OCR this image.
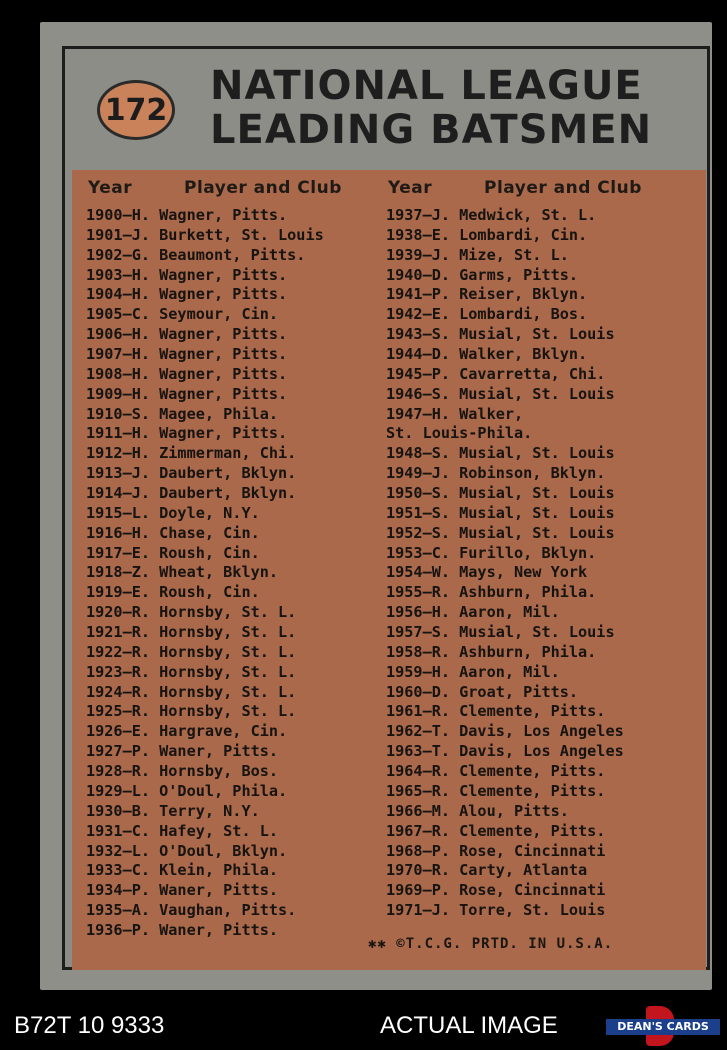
172
NATIONAL LEAGUE
LEADING BATSMEN
Year	Player and Club	Year	Player and Club
1900—H. Wagner, Pitts.
1901—J. Burkett, St. Louis
1902—G. Beaumont, Pitts.
1903—H. Wagner, Pitts.
1904—H. Wagner, Pitts.
1905—C. Seymour, Cin.
1906—H. Wagner, Pitts.
1907—H. Wagner, Pitts.
1908—H. Wagner, Pitts.
1909—H. Wagner, Pitts.
1910—S. Magee, Phila.
1911—H. Wagner, Pitts.
1912—H. Zimmerman, Chi.
1913—J. Daubert, Bklyn.
1914—J. Daubert, Bklyn.
1915—L. Doyle, N.Y.
1916—H. Chase, Cin.
1917—E. Roush, Cin.
1918—Z. Wheat, Bklyn.
1919—E. Roush, Cin.
1920—R. Hornsby, St. L.
1921—R. Hornsby, St. L.
1922—R. Hornsby, St. L.
1923—R. Hornsby, St. L.
1924—R. Hornsby, St. L.
1925—R. Hornsby, St. L.
1926—E. Hargrave, Cin.
1927—P. Waner, Pitts.
1928—R. Hornsby, Bos.
1929—L. O'Doul, Phila.
1930—B. Terry, N.Y.
1931—C. Hafey, St. L.
1932—L. O'Doul, Bklyn.
1933—C. Klein, Phila.
1934—P. Waner, Pitts.
1935—A. Vaughan, Pitts.
1936—P. Waner, Pitts.
1937—J. Medwick, St. L.
1938—E. Lombardi, Cin.
1939—J. Mize, St. L.
1940—D. Garms, Pitts.
1941—P. Reiser, Bklyn.
1942—E. Lombardi, Bos.
1943—S. Musial, St. Louis
1944—D. Walker, Bklyn.
1945—P. Cavarretta, Chi.
1946—S. Musial, St. Louis
1947—H. Walker,
St. Louis-Phila.
1948—S. Musial, St. Louis
1949—J. Robinson, Bklyn.
1950—S. Musial, St. Louis
1951—S. Musial, St. Louis
1952—S. Musial, St. Louis
1953—C. Furillo, Bklyn.
1954—W. Mays, New York
1955—R. Ashburn, Phila.
1956—H. Aaron, Mil.
1957—S. Musial, St. Louis
1958—R. Ashburn, Phila.
1959—H. Aaron, Mil.
1960—D. Groat, Pitts.
1961—R. Clemente, Pitts.
1962—T. Davis, Los Angeles
1963—T. Davis, Los Angeles
1964—R. Clemente, Pitts.
1965—R. Clemente, Pitts.
1966—M. Alou, Pitts.
1967—R. Clemente, Pitts.
1968—P. Rose, Cincinnati
1970—R. Carty, Atlanta
1969—P. Rose, Cincinnati
1971—J. Torre, St. Louis
✱✱ ©T.C.G. PRTD. IN U.S.A.
B72T 10 9333	ACTUAL IMAGE	DEAN'S CARDS
